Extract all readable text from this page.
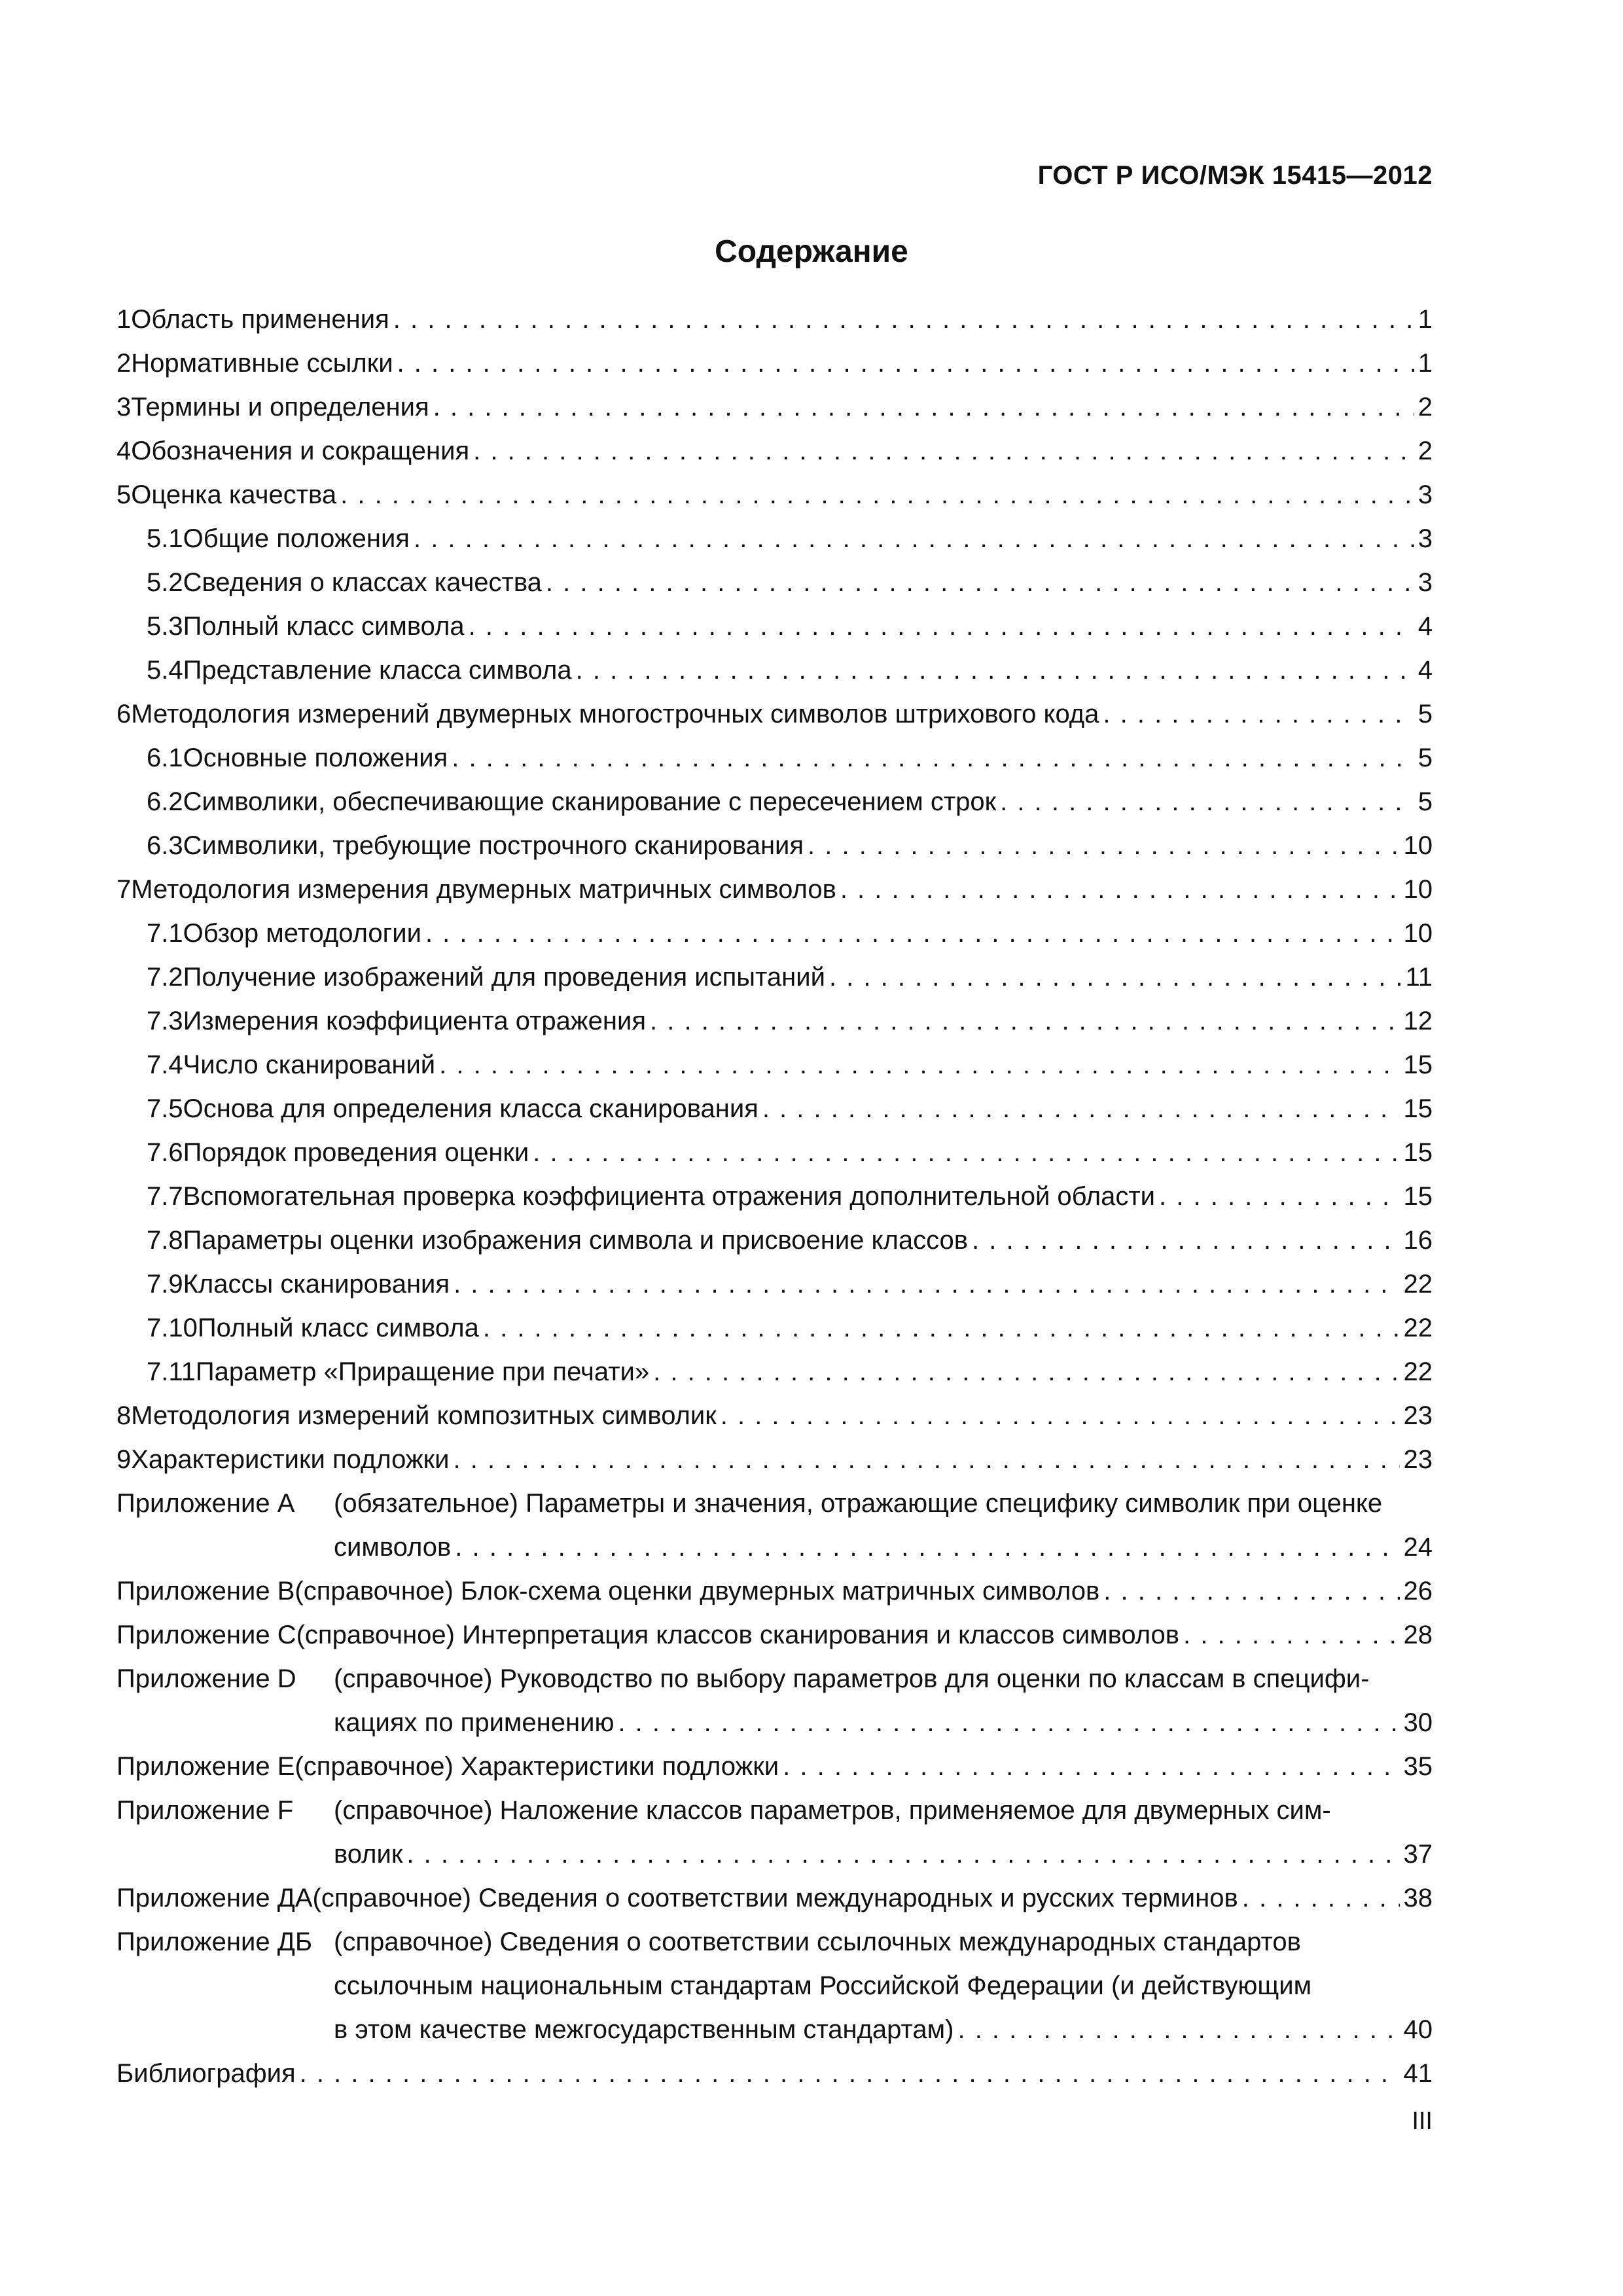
ГОСТ Р ИСО/МЭК 15415—2012
Содержание
1 Область применения . . .	1
2 Нормативные ссылки . . .	1
3 Термины и определения . . .	2
4 Обозначения и сокращения . . .	2
5 Оценка качества . . .	3
5.1 Общие положения . . .	3
5.2 Сведения о классах качества . . .	3
5.3 Полный класс символа . . .	4
5.4 Представление класса символа . . .	4
6 Методология измерений двумерных многострочных символов штрихового кода . . .	5
6.1 Основные положения . . .	5
6.2 Символики, обеспечивающие сканирование с пересечением строк . . .	5
6.3 Символики, требующие построчного сканирования . . .	10
7 Методология измерения двумерных матричных символов . . .	10
7.1 Обзор методологии . . .	10
7.2 Получение изображений для проведения испытаний . . .	11
7.3 Измерения коэффициента отражения . . .	12
7.4 Число сканирований . . .	15
7.5 Основа для определения класса сканирования . . .	15
7.6 Порядок проведения оценки . . .	15
7.7 Вспомогательная проверка коэффициента отражения дополнительной области . . .	15
7.8 Параметры оценки изображения символа и присвоение классов . . .	16
7.9 Классы сканирования . . .	22
7.10 Полный класс символа . . .	22
7.11 Параметр «Приращение при печати» . . .	22
8 Методология измерений композитных символик . . .	23
9 Характеристики подложки . . .	23
Приложение А	(обязательное) Параметры и значения, отражающие специфику символик при оценке
символов . . .	24
Приложение В (справочное) Блок-схема оценки двумерных матричных символов . . .	26
Приложение С (справочное) Интерпретация классов сканирования и классов символов . . .	28
Приложение D	(справочное) Руководство по выбору параметров для оценки по классам в специфи-
кациях по применению . . .	30
Приложение Е (справочное) Характеристики подложки . . .	35
Приложение F	(справочное) Наложение классов параметров, применяемое для двумерных сим-
волик . . .	37
Приложение ДА (справочное) Сведения о соответствии международных и русских терминов . . .	38
Приложение ДБ (справочное) Сведения о соответствии ссылочных международных стандартов
ссылочным национальным стандартам Российской Федерации (и действующим
в этом качестве межгосударственным стандартам) . . .	40
Библиография . . .	41
III
